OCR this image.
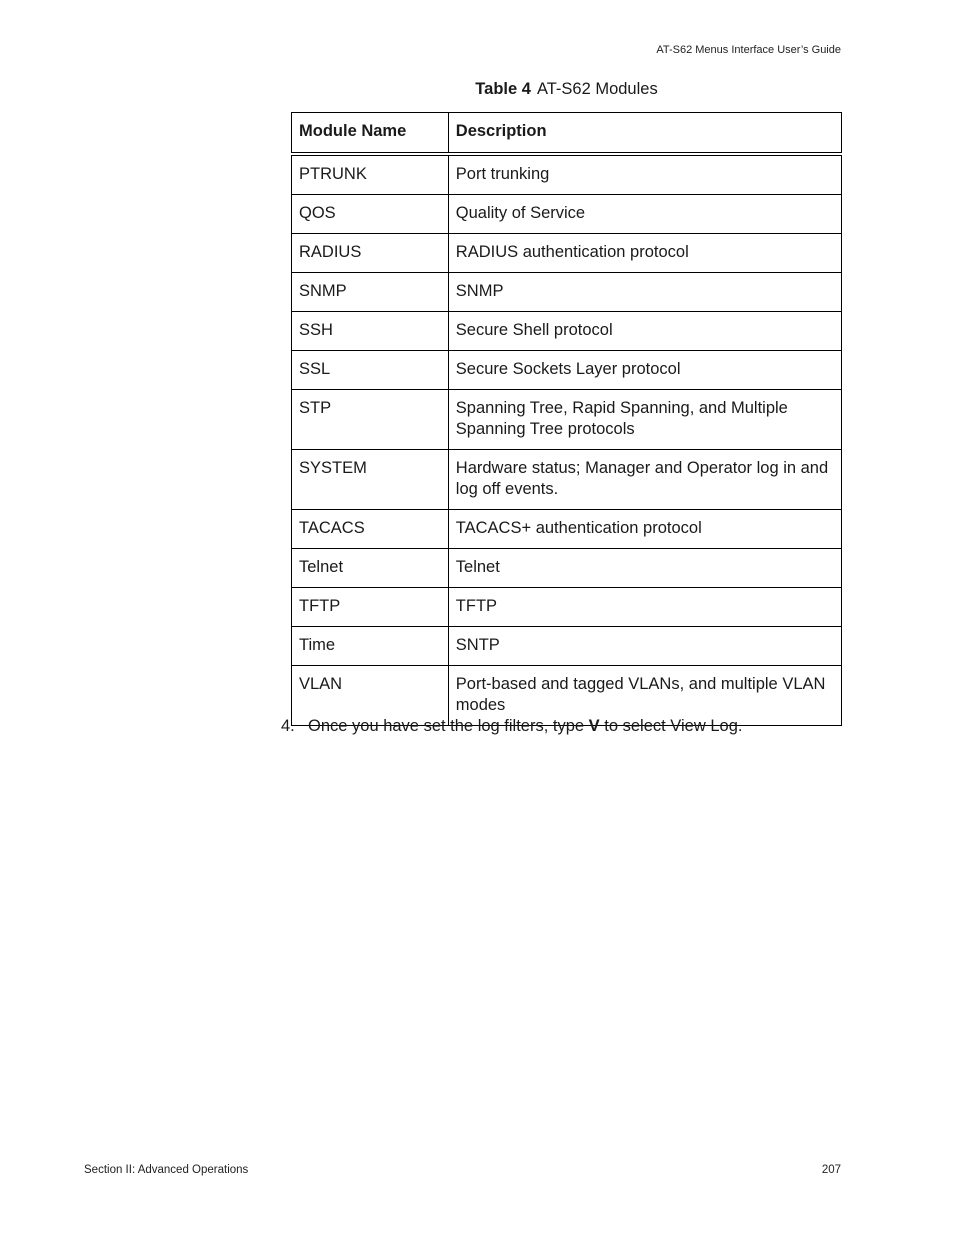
AT-S62 Menus Interface User’s Guide
Table 4 AT-S62 Modules
Module Name	Description
PTRUNK	Port trunking
QOS	Quality of Service
RADIUS	RADIUS authentication protocol
SNMP	SNMP
SSH	Secure Shell protocol
SSL	Secure Sockets Layer protocol
STP	Spanning Tree, Rapid Spanning, and Multiple Spanning Tree protocols
SYSTEM	Hardware status; Manager and Operator log in and log off events.
TACACS	TACACS+ authentication protocol
Telnet	Telnet
TFTP	TFTP
Time	SNTP
VLAN	Port-based and tagged VLANs, and multiple VLAN modes
4. Once you have set the log filters, type V to select View Log.
Section II: Advanced Operations	207
